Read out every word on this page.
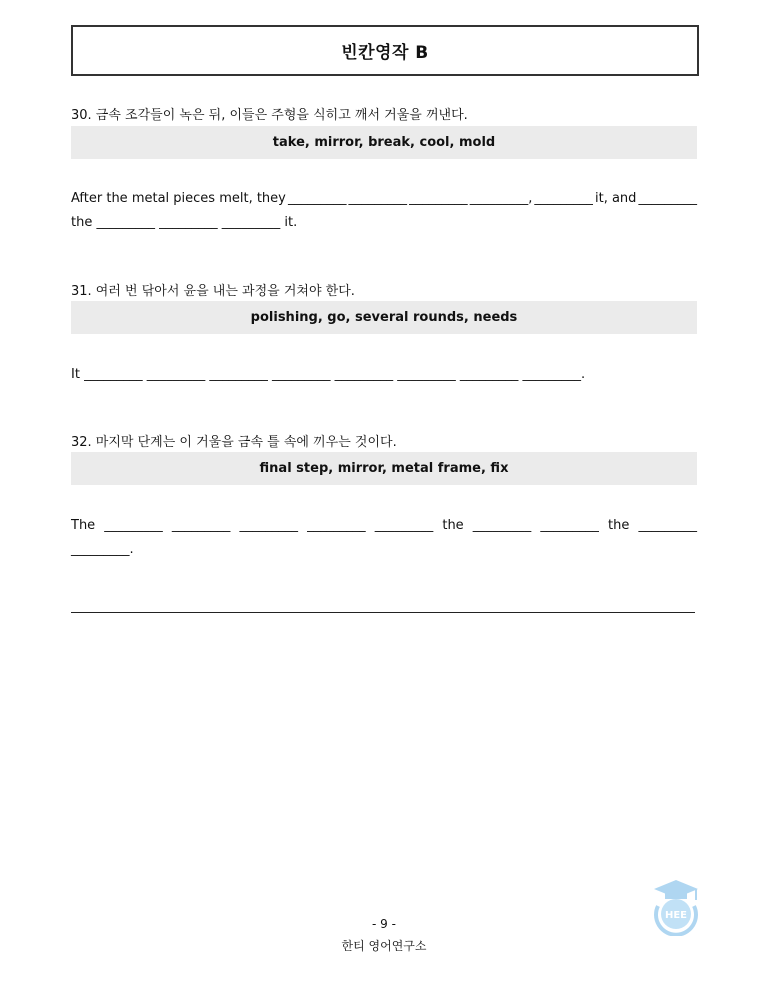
빈칸영작 B
30. 금속 조각들이 녹은 뒤, 이들은 주형을 식히고 깨서 거울을 꺼낸다.
take, mirror, break, cool, mold
After the metal pieces melt, they _________ _________ _________ _________, _________ it, and _________
the _________ _________ _________ it.
31. 여러 번 닦아서 윤을 내는 과정을 거쳐야 한다.
polishing, go, several rounds, needs
It _________ _________ _________ _________ _________ _________ _________ _________.
32. 마지막 단계는 이 거울을 금속 틀 속에 끼우는 것이다.
final step, mirror, metal frame, fix
The _________ _________ _________ _________ _________ the _________ _________ the _________
_________.
- 9 -
한티 영어연구소
HEE
